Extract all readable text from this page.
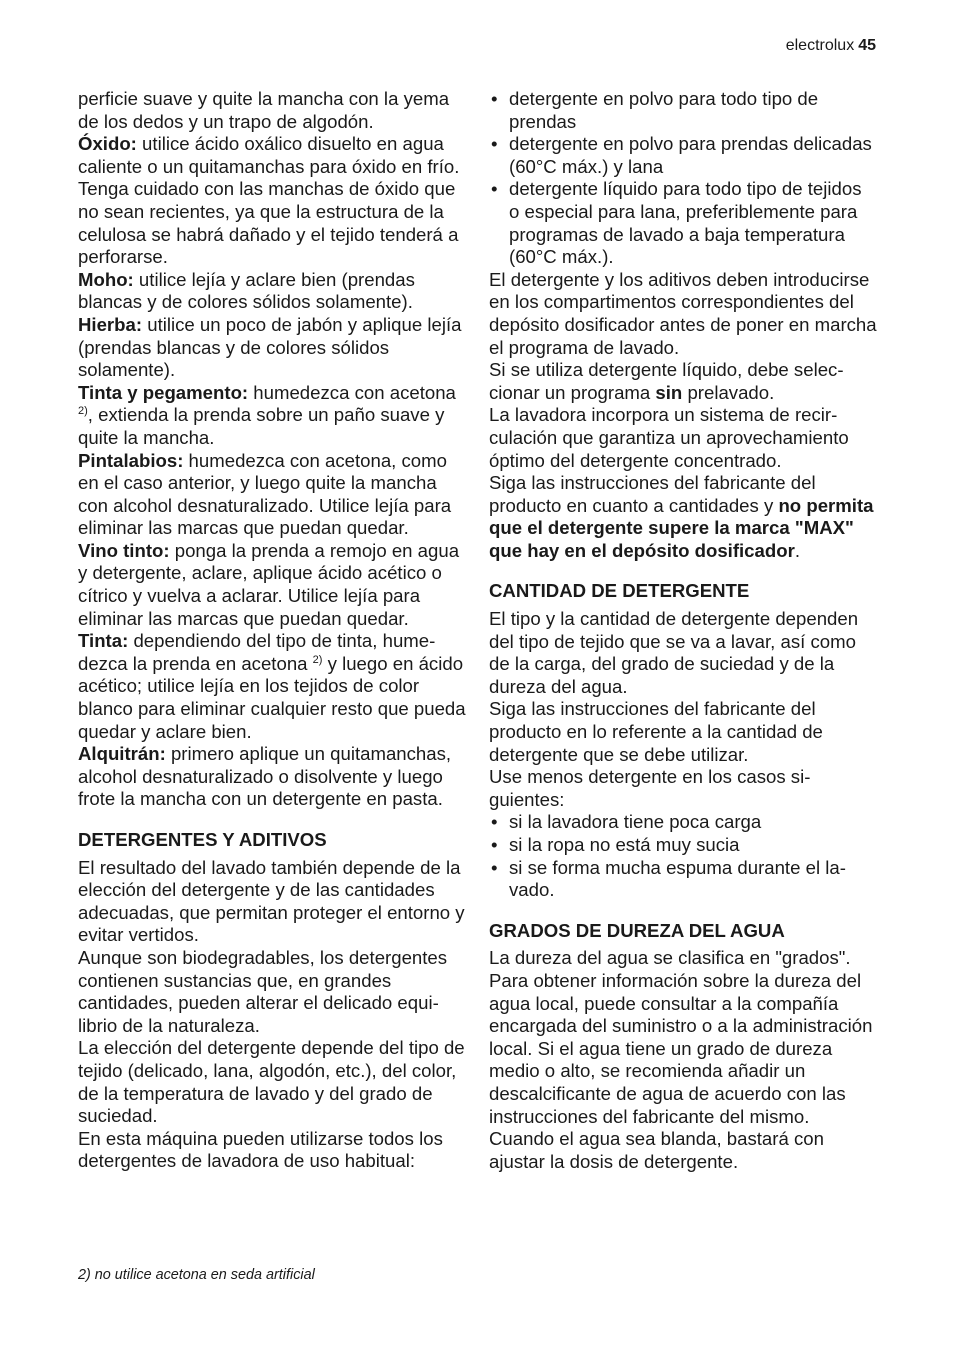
electrolux 45

perficie suave y quite la mancha con la yema de los dedos y un trapo de algodón.

Óxido: utilice ácido oxálico disuelto en agua caliente o un quitamanchas para óxido en frío. Tenga cuidado con las manchas de óxido que no sean recientes, ya que la estructura de la celulosa se habrá dañado y el tejido tenderá a perforarse.

Moho: utilice lejía y aclare bien (prendas blancas y de colores sólidos solamente).

Hierba: utilice un poco de jabón y aplique lejía (prendas blancas y de colores sólidos solamente).

Tinta y pegamento: humedezca con acetona $^{2)}$, extienda la prenda sobre un paño suave y quite la mancha.

Pintalabios: humedezca con acetona, como en el caso anterior, y luego quite la mancha con alcohol desnaturalizado. Utilice lejía para eliminar las marcas que puedan quedar.

Vino tinto: ponga la prenda a remojo en agua y detergente, aclare, aplique ácido acético o cítrico y vuelva a aclarar. Utilice lejía para eliminar las marcas que puedan quedar.

Tinta: dependiendo del tipo de tinta, humedezca la prenda en acetona $^{2)}$ y luego en ácido acético; utilice lejía en los tejidos de color blanco para eliminar cualquier resto que pueda quedar y aclare bien.

Alquitrán: primero aplique un quitamanchas, alcohol desnaturalizado o disolvente y luego frote la mancha con un detergente en pasta.

DETERGENTES Y ADITIVOS

El resultado del lavado también depende de la elección del detergente y de las cantidades adecuadas, que permitan proteger el entorno y evitar vertidos.

Aunque son biodegradables, los detergentes contienen sustancias que, en grandes cantidades, pueden alterar el delicado equilibrio de la naturaleza.

La elección del detergente depende del tipo de tejido (delicado, lana, algodón, etc.), del color, de la temperatura de lavado y del grado de suciedad.

En esta máquina pueden utilizarse todos los detergentes de lavadora de uso habitual:

2) no utilice acetona en seda artificial
• detergente en polvo para todo tipo de prendas
• detergente en polvo para prendas delicadas (60°C máx.) y lana
• detergente líquido para todo tipo de tejidos o especial para lana, preferiblemente para programas de lavado a baja temperatura (60°C máx.).

El detergente y los aditivos deben introducirse en los compartimentos correspondientes del depósito dosificador antes de poner en marcha el programa de lavado.

Si se utiliza detergente líquido, debe seleccionar un programa sin prelavado.

La lavadora incorpora un sistema de recirculación que garantiza un aprovechamiento óptimo del detergente concentrado.

Siga las instrucciones del fabricante del producto en cuanto a cantidades y no permita que el detergente supere la marca "MAX" que hay en el depósito dosificador.

CANTIDAD DE DETERGENTE

El tipo y la cantidad de detergente dependen del tipo de tejido que se va a lavar, así como de la carga, del grado de suciedad y de la dureza del agua.

Siga las instrucciones del fabricante del producto en lo referente a la cantidad de detergente que se debe utilizar.

Use menos detergente en los casos siguientes:

• si la lavadora tiene poca carga
• si la ropa no está muy sucia
• si se forma mucha espuma durante el lavado.
GRADOS DE DUREZA DEL AGUA

La dureza del agua se clasifica en "grados". Para obtener información sobre la dureza del agua local, puede consultar a la compañía encargada del suministro o a la administración local. Si el agua tiene un grado de dureza medio o alto, se recomienda añadir un descalcificante de agua de acuerdo con las instrucciones del fabricante del mismo. Cuando el agua sea blanda, bastará con ajustar la dosis de detergente.
